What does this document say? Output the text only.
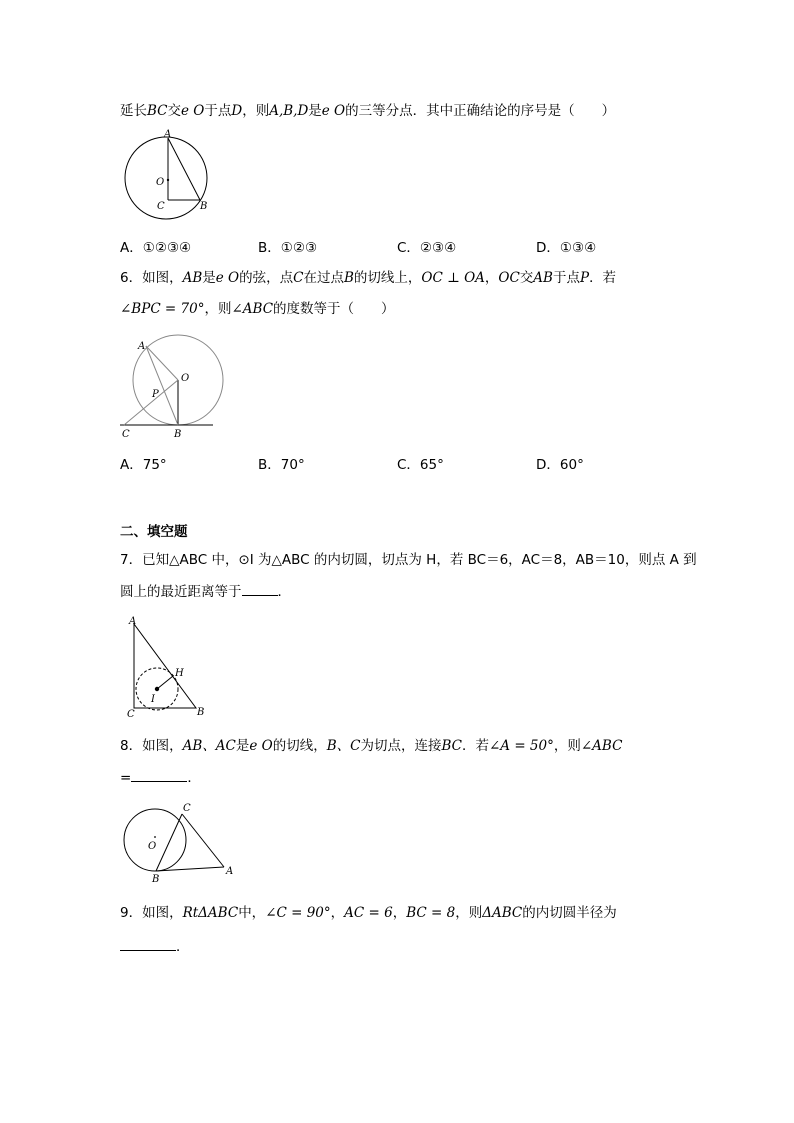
延长BC交e O于点D，则A,B,D是e O的三等分点．其中正确结论的序号是（　　）
A
O
C	B
A．①②③④	B．①②③	C．②③④	D．①③④
6．如图，AB是e O的弦，点C在过点B的切线上，OC ⊥ OA，OC交AB于点P．若
∠BPC = 70°，则∠ABC的度数等于（　　）
A
O
P
C	B
A．75°	B．70°	C．65°	D．60°
二、填空题
7．已知△ABC 中，⊙I 为△ABC 的内切圆，切点为 H，若 BC＝6，AC＝8，AB＝10，则点 A 到
圆上的最近距离等于	．
A
H
I
C	B
8．如图，AB、AC是e O的切线，B、C为切点，连接BC．若∠A = 50°，则∠ABC
=	．
C
O
B
A
9．如图，RtΔABC中，∠C = 90°，AC = 6，BC = 8，则ΔABC的内切圆半径为
．
